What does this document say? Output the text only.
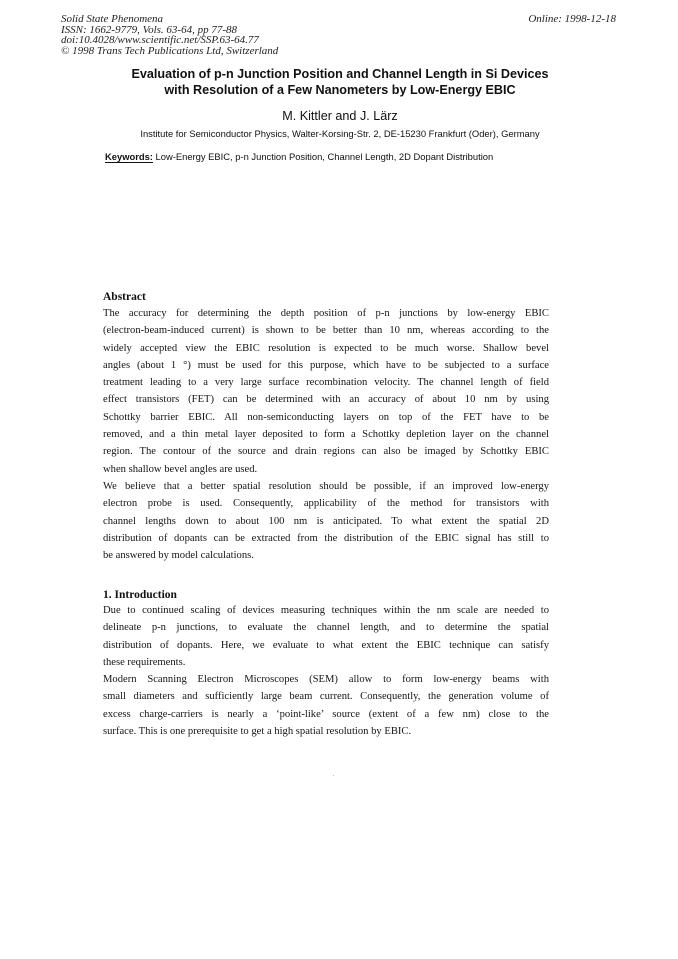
Solid State Phenomena
ISSN: 1662-9779, Vols. 63-64, pp 77-88
doi:10.4028/www.scientific.net/SSP.63-64.77
© 1998 Trans Tech Publications Ltd, Switzerland
Online: 1998-12-18
Evaluation of p-n Junction Position and Channel Length in Si Devices
with Resolution of a Few Nanometers by Low-Energy EBIC
M. Kittler and J. Lärz
Institute for Semiconductor Physics, Walter-Korsing-Str. 2, DE-15230 Frankfurt (Oder), Germany
Keywords: Low-Energy EBIC, p-n Junction Position, Channel Length, 2D Dopant Distribution
Abstract
The accuracy for determining the depth position of p-n junctions by low-energy EBIC
(electron-beam-induced current) is shown to be better than 10 nm, whereas according to the
widely accepted view the EBIC resolution is expected to be much worse. Shallow bevel
angles (about 1 °) must be used for this purpose, which have to be subjected to a surface
treatment leading to a very large surface recombination velocity. The channel length of field
effect transistors (FET) can be determined with an accuracy of about 10 nm by using
Schottky barrier EBIC. All non-semiconducting layers on top of the FET have to be
removed, and a thin metal layer deposited to form a Schottky depletion layer on the channel
region. The contour of the source and drain regions can also be imaged by Schottky EBIC
when shallow bevel angles are used.
We believe that a better spatial resolution should be possible, if an improved low-energy
electron probe is used. Consequently, applicability of the method for transistors with
channel lengths down to about 100 nm is anticipated. To what extent the spatial 2D
distribution of dopants can be extracted from the distribution of the EBIC signal has still to
be answered by model calculations.
1. Introduction
Due to continued scaling of devices measuring techniques within the nm scale are needed to
delineate p-n junctions, to evaluate the channel length, and to determine the spatial
distribution of dopants. Here, we evaluate to what extent the EBIC technique can satisfy
these requirements.
Modern Scanning Electron Microscopes (SEM) allow to form low-energy beams with
small diameters and sufficiently large beam current. Consequently, the generation volume of
excess charge-carriers is nearly a ‘point-like’ source (extent of a few nm) close to the
surface. This is one prerequisite to get a high spatial resolution by EBIC.
